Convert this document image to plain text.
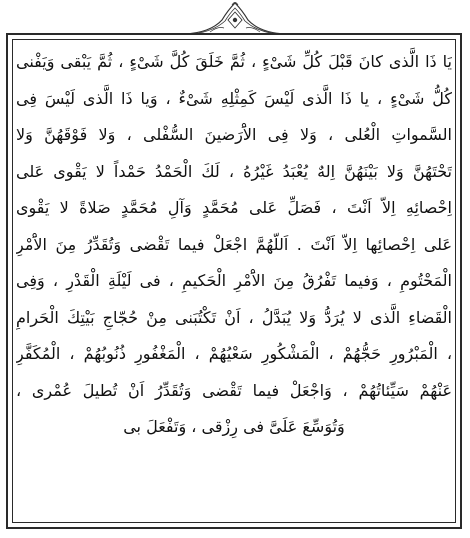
يَا ذَا الَّذى كانَ قَبْلَ كُلِّ شَىْءٍ ، ثُمَّ خَلَقَ كُلَّ شَىْءٍ ، ثُمَّ يَبْقى وَيَفْنى
كُلُّ شَىْءٍ ، يا ذَا الَّذى لَيْسَ كَمِثْلِهِ شَىْءٌ ، وَيا ذَا الَّذى لَيْسَ فِى
السَّمواتِ الْعُلى ، وَلا فِى الاَْرَضينَ السُّفْلى ، وَلا فَوْقَهُنَّ وَلا
تَحْتَهُنَّ وَلا بَيْنَهُنَّ اِلهٌ يُعْبَدُ غَيْرُهُ ، لَكَ الْحَمْدُ حَمْداً لا يَقْوى عَلى
اِحْصائِهِ اِلاّ اَنْتَ ، فَصَلِّ عَلى مُحَمَّدٍ وَآلِ مُحَمَّدٍ صَلاةً لا يَقْوى
عَلى اِحْصائِها اِلاّ اَنْتَ . اَللّهُمَّ اجْعَلْ فيما تَقْضى وَتُقَدِّرُ مِنَ الاَْمْرِ
الْمَحْتُومِ ، وَفيما تَفْرُقُ مِنَ الاَْمْرِ الْحَكيمِ ، فى لَيْلَةِ الْقَدْرِ ، وَفِى
الْقَضاءِ الَّذى لا يُرَدُّ وَلا يُبَدَّلُ ، اَنْ تَكْتُبَنى مِنْ حُجّاجِ بَيْتِكَ الْحَرامِ
، الْمَبْرُورِ حَجُّهُمْ ، الْمَشْكُورِ سَعْيُهُمْ ، الْمَغْفُورِ ذُنُوبُهُمْ ، الْمُكَفَّرِ
عَنْهُمْ سَيِّئاتُهُمْ ، وَاجْعَلْ فيما تَقْضى وَتُقَدِّرُ اَنْ تُطيلَ عُمْرى ،
وَتُوَسِّعَ عَلَىَّ فى رِزْقى ، وَتَفْعَلَ بى
